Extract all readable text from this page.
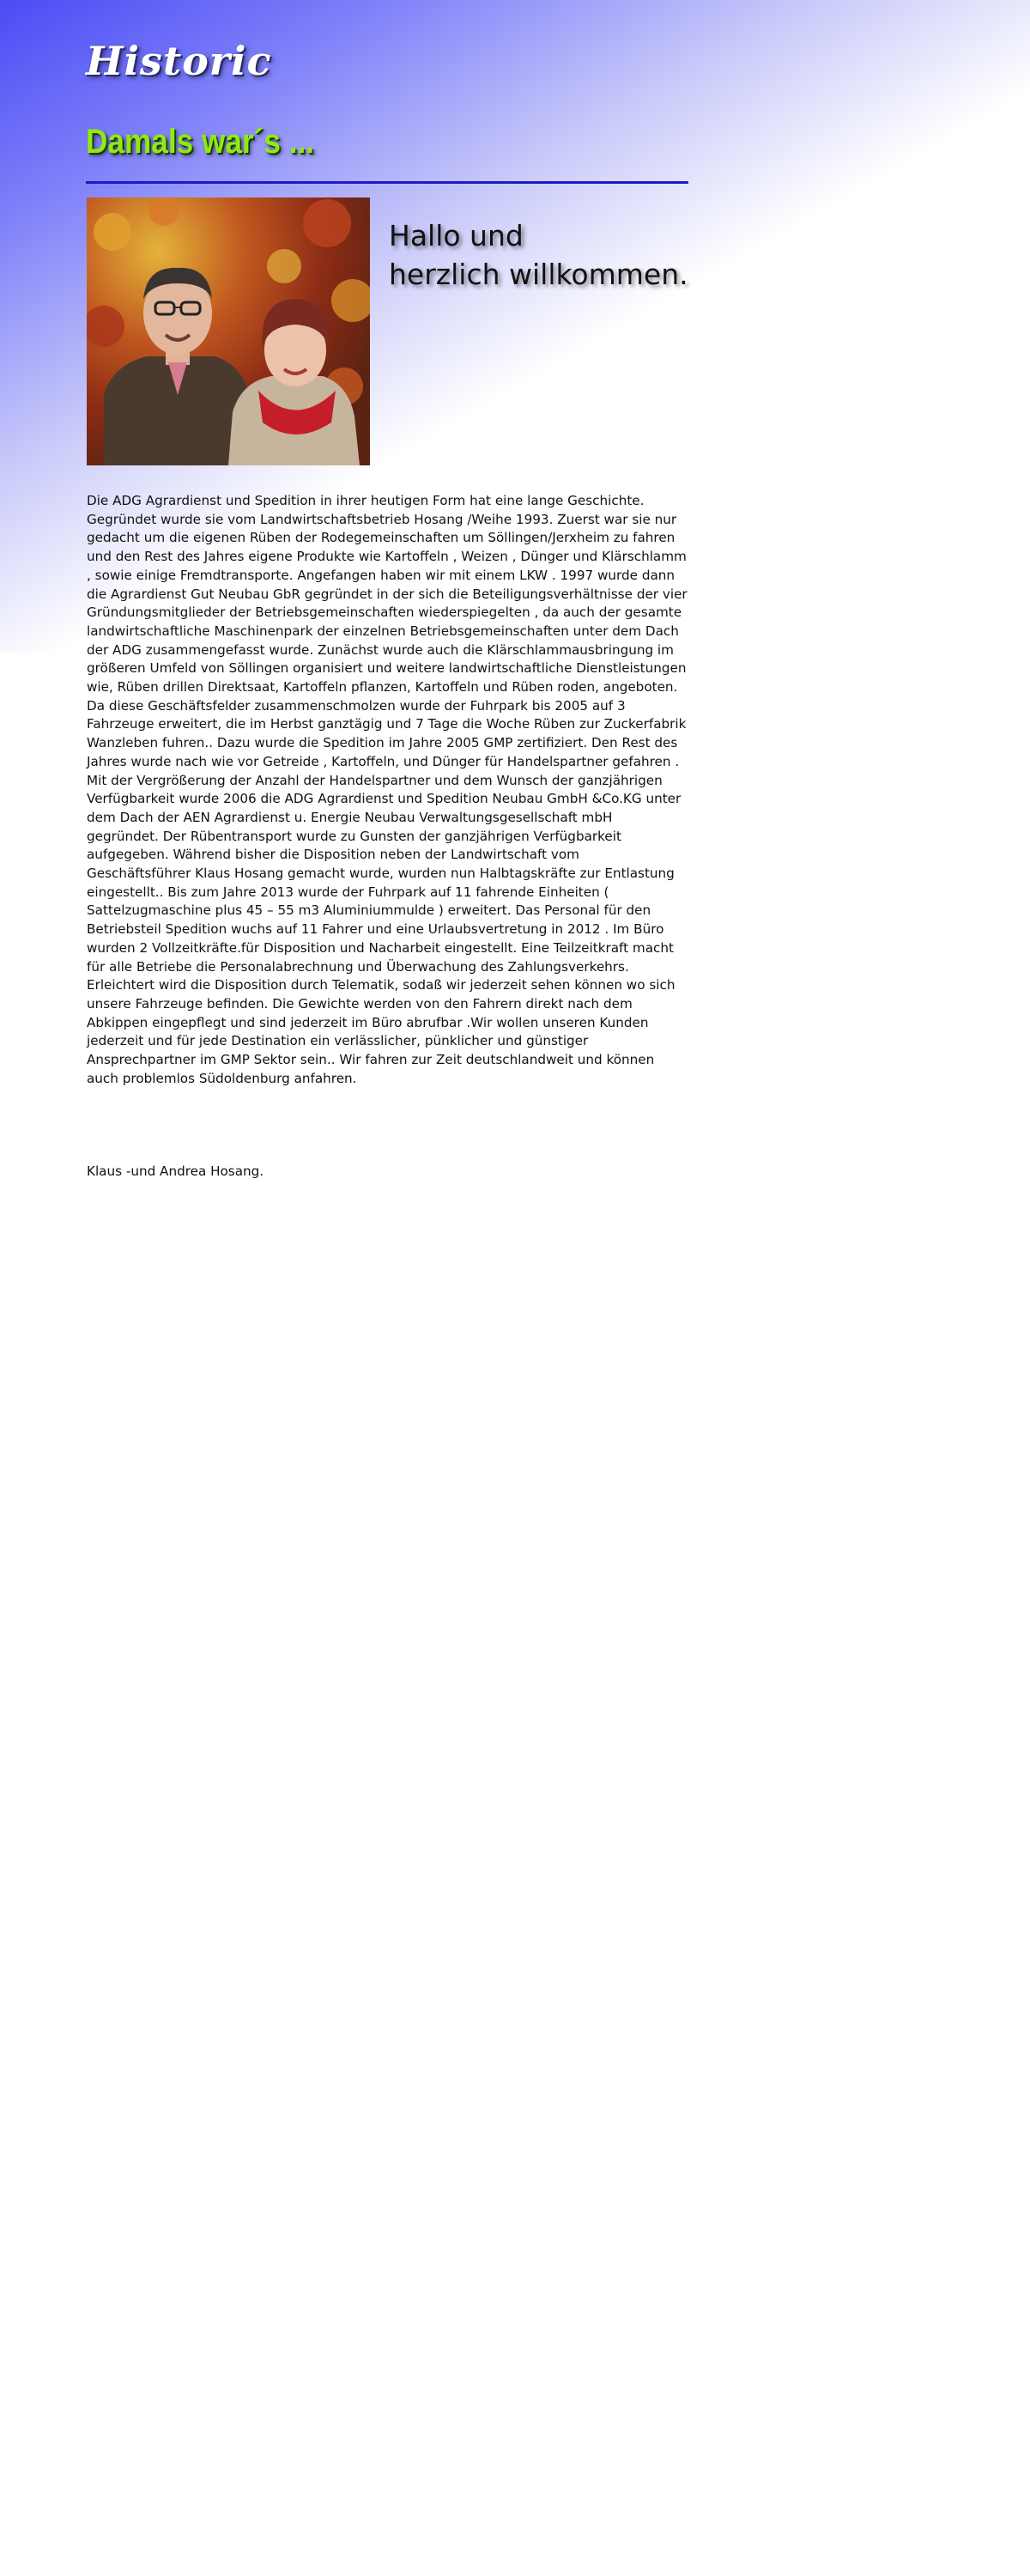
Historic
Damals war´s ...
Hallo und
herzlich willkommen.

Die ADG Agrardienst und Spedition in ihrer heutigen Form hat eine lange Geschichte. Gegründet wurde sie vom Landwirtschaftsbetrieb Hosang /Weihe 1993. Zuerst war sie nur gedacht um die eigenen Rüben der Rodegemeinschaften um Söllingen/Jerxheim zu fahren und den Rest des Jahres eigene Produkte wie Kartoffeln , Weizen , Dünger und Klärschlamm , sowie einige Fremdtransporte. Angefangen haben wir mit einem LKW . 1997 wurde dann die Agrardienst Gut Neubau GbR gegründet in der sich die Beteiligungsverhältnisse der vier Gründungsmitglieder der Betriebsgemeinschaften wiederspiegelten , da auch der gesamte landwirtschaftliche Maschinenpark der einzelnen Betriebsgemeinschaften unter dem Dach der ADG zusammengefasst wurde. Zunächst wurde auch die Klärschlammausbringung im größeren Umfeld von Söllingen organisiert und weitere landwirtschaftliche Dienstleistungen wie, Rüben drillen Direktsaat, Kartoffeln pflanzen, Kartoffeln und Rüben roden, angeboten. Da diese Geschäftsfelder zusammenschmolzen wurde der Fuhrpark bis 2005 auf 3 Fahrzeuge erweitert, die im Herbst ganztägig und 7 Tage die Woche Rüben zur Zuckerfabrik Wanzleben fuhren.. Dazu wurde die Spedition im Jahre 2005 GMP zertifiziert. Den Rest des Jahres wurde nach wie vor Getreide , Kartoffeln, und Dünger für Handelspartner gefahren . Mit der Vergrößerung der Anzahl der Handelspartner und dem Wunsch der ganzjährigen Verfügbarkeit wurde 2006 die ADG Agrardienst und Spedition Neubau GmbH &Co.KG unter dem Dach der AEN Agrardienst u. Energie Neubau Verwaltungsgesellschaft mbH gegründet. Der Rübentransport wurde zu Gunsten der ganzjährigen Verfügbarkeit aufgegeben. Während bisher die Disposition neben der Landwirtschaft vom Geschäftsführer Klaus Hosang gemacht wurde, wurden nun Halbtagskräfte zur Entlastung eingestellt.. Bis zum Jahre 2013 wurde der Fuhrpark auf 11 fahrende Einheiten ( Sattelzugmaschine plus 45 – 55 m3 Aluminiummulde ) erweitert. Das Personal für den Betriebsteil Spedition wuchs auf 11 Fahrer und eine Urlaubsvertretung in 2012 . Im Büro wurden 2 Vollzeitkräfte.für Disposition und Nacharbeit eingestellt. Eine Teilzeitkraft macht für alle Betriebe die Personalabrechnung und Überwachung des Zahlungsverkehrs. Erleichtert wird die Disposition durch Telematik, sodaß wir jederzeit sehen können wo sich unsere Fahrzeuge befinden. Die Gewichte werden von den Fahrern direkt nach dem Abkippen eingepflegt und sind jederzeit im Büro abrufbar .Wir wollen unseren Kunden jederzeit und für jede Destination ein verlässlicher, pünklicher und günstiger Ansprechpartner im GMP Sektor sein.. Wir fahren zur Zeit deutschlandweit und können auch problemlos Südoldenburg anfahren.

Klaus -und Andrea Hosang.
